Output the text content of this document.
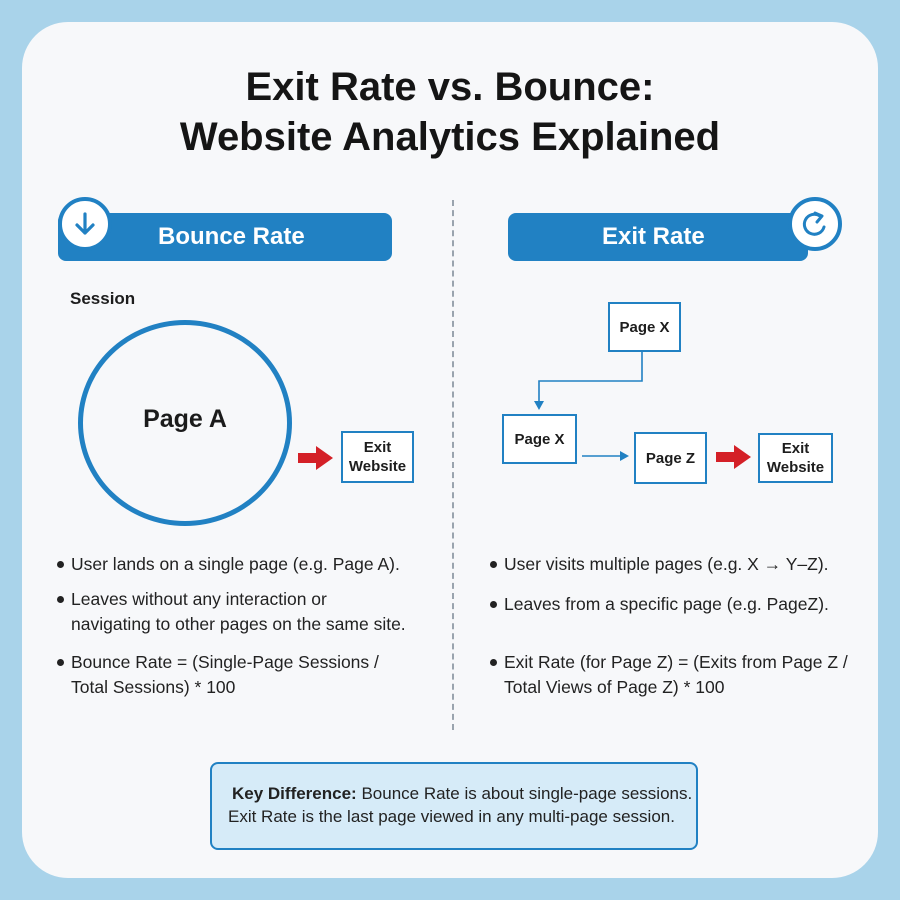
Exit Rate vs. Bounce:
Website Analytics Explained
Bounce Rate	Exit Rate
Session
Page A
Exit
Website
Page X
Page X
Page Z
Exit
Website
User lands on a single page (e.g. Page A).
Leaves without any interaction or
navigating to other pages on the same site.
Bounce Rate = (Single-Page Sessions /
Total Sessions) * 100
User visits multiple pages (e.g. X → Y–Z).
Leaves from a specific page (e.g. PageZ).
Exit Rate (for Page Z) = (Exits from Page Z /
Total Views of Page Z) * 100
Key Difference: Bounce Rate is about single-page sessions.
Exit Rate is the last page viewed in any multi-page session.
